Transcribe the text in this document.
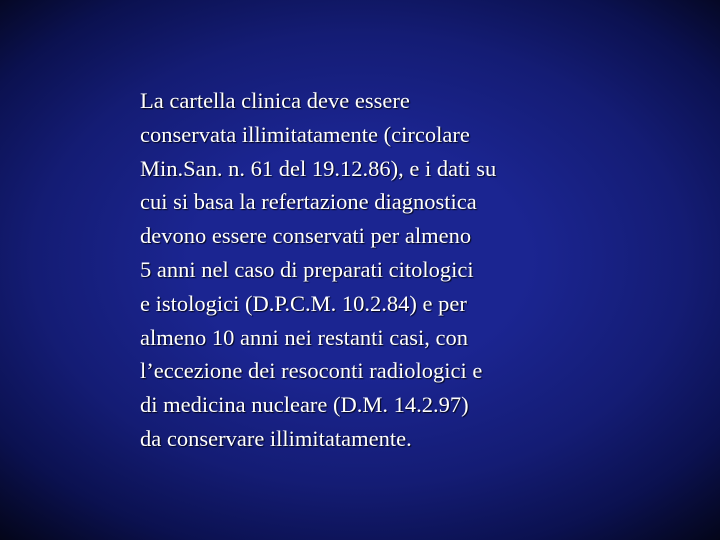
La cartella clinica deve essere
conservata illimitatamente (circolare
Min.San. n. 61 del 19.12.86), e i dati su
cui si basa la refertazione diagnostica
devono essere conservati per almeno
5 anni nel caso di preparati citologici
e istologici (D.P.C.M. 10.2.84) e per
almeno 10 anni nei restanti casi, con
l’eccezione dei resoconti radiologici e
di medicina nucleare (D.M. 14.2.97)
da conservare illimitatamente.
